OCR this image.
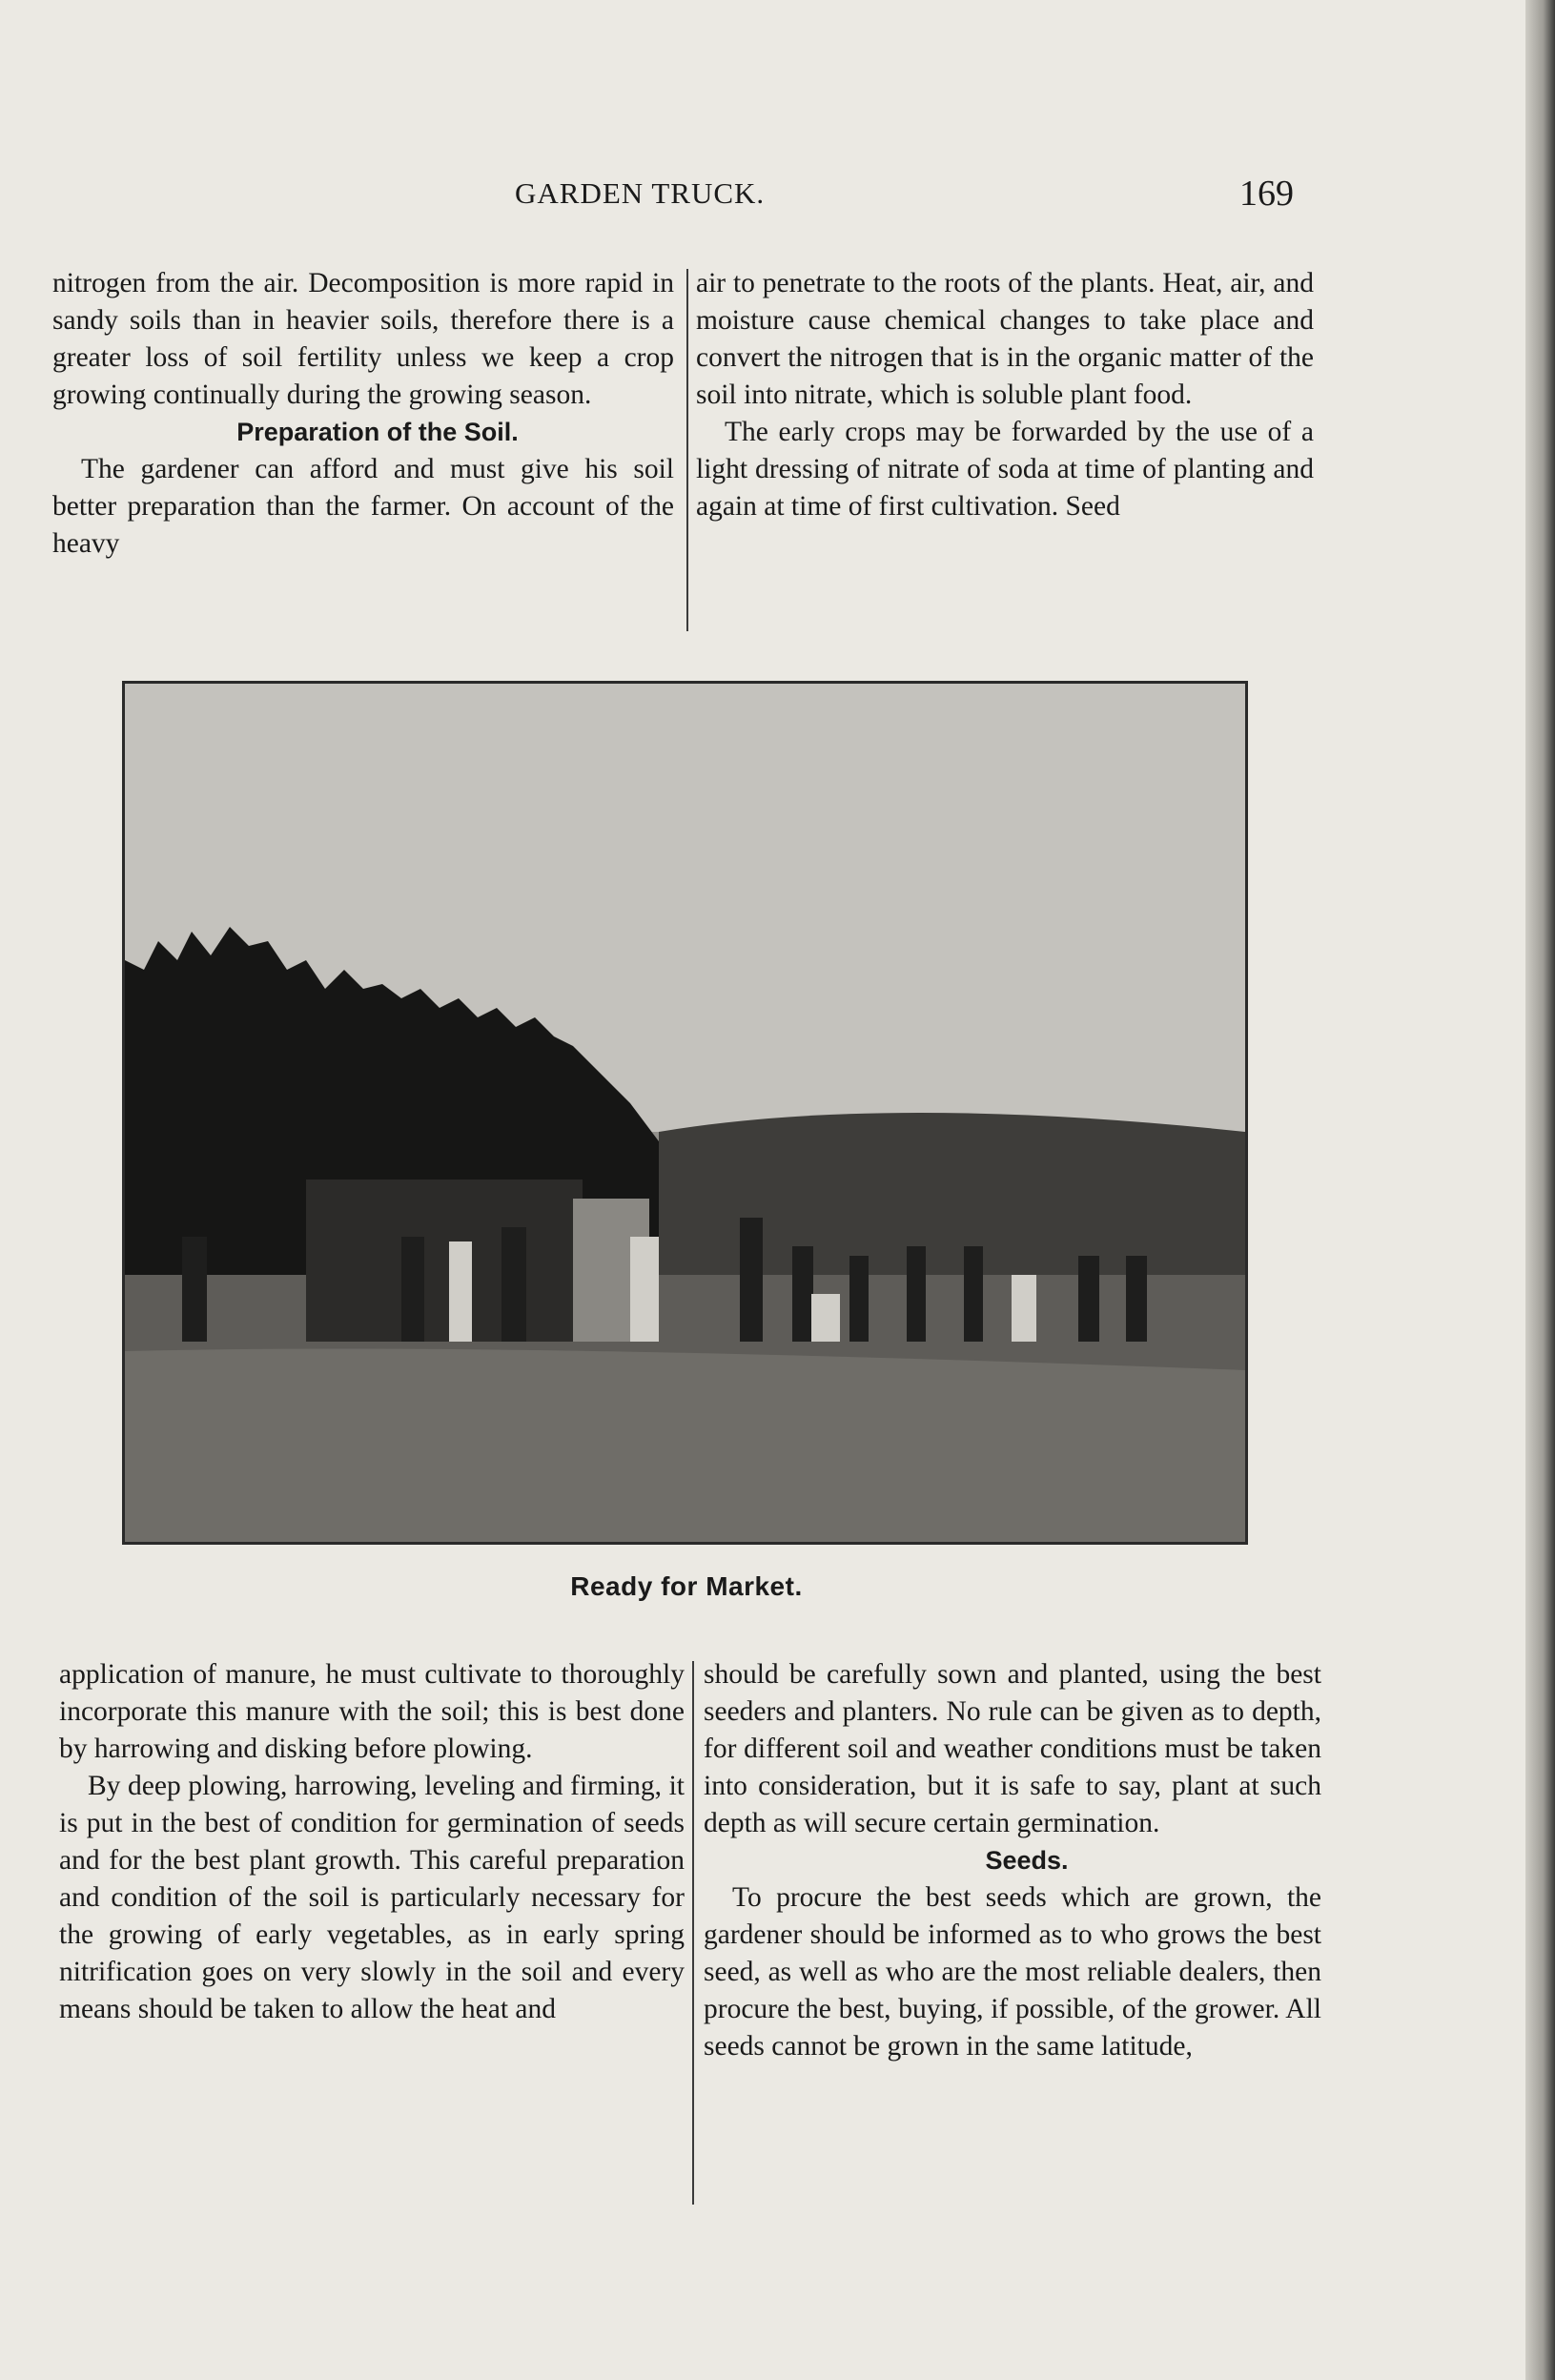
GARDEN TRUCK.	169

nitrogen from the air. Decomposition is more rapid in sandy soils than in heavier soils, therefore there is a greater loss of soil fertility unless we keep a crop growing continually during the growing season.

Preparation of the Soil.

The gardener can afford and must give his soil better preparation than the farmer. On account of the heavy

air to penetrate to the roots of the plants. Heat, air, and moisture cause chemical changes to take place and convert the nitrogen that is in the organic matter of the soil into nitrate, which is soluble plant food.

The early crops may be forwarded by the use of a light dressing of nitrate of soda at time of planting and again at time of first cultivation. Seed

Ready for Market.

application of manure, he must cultivate to thoroughly incorporate this manure with the soil; this is best done by harrowing and disking before plowing.

By deep plowing, harrowing, leveling and firming, it is put in the best of condition for germination of seeds and for the best plant growth. This careful preparation and condition of the soil is particularly necessary for the growing of early vegetables, as in early spring nitrification goes on very slowly in the soil and every means should be taken to allow the heat and

should be carefully sown and planted, using the best seeders and planters. No rule can be given as to depth, for different soil and weather conditions must be taken into consideration, but it is safe to say, plant at such depth as will secure certain germination.

Seeds.

To procure the best seeds which are grown, the gardener should be informed as to who grows the best seed, as well as who are the most reliable dealers, then procure the best, buying, if possible, of the grower. All seeds cannot be grown in the same latitude,
